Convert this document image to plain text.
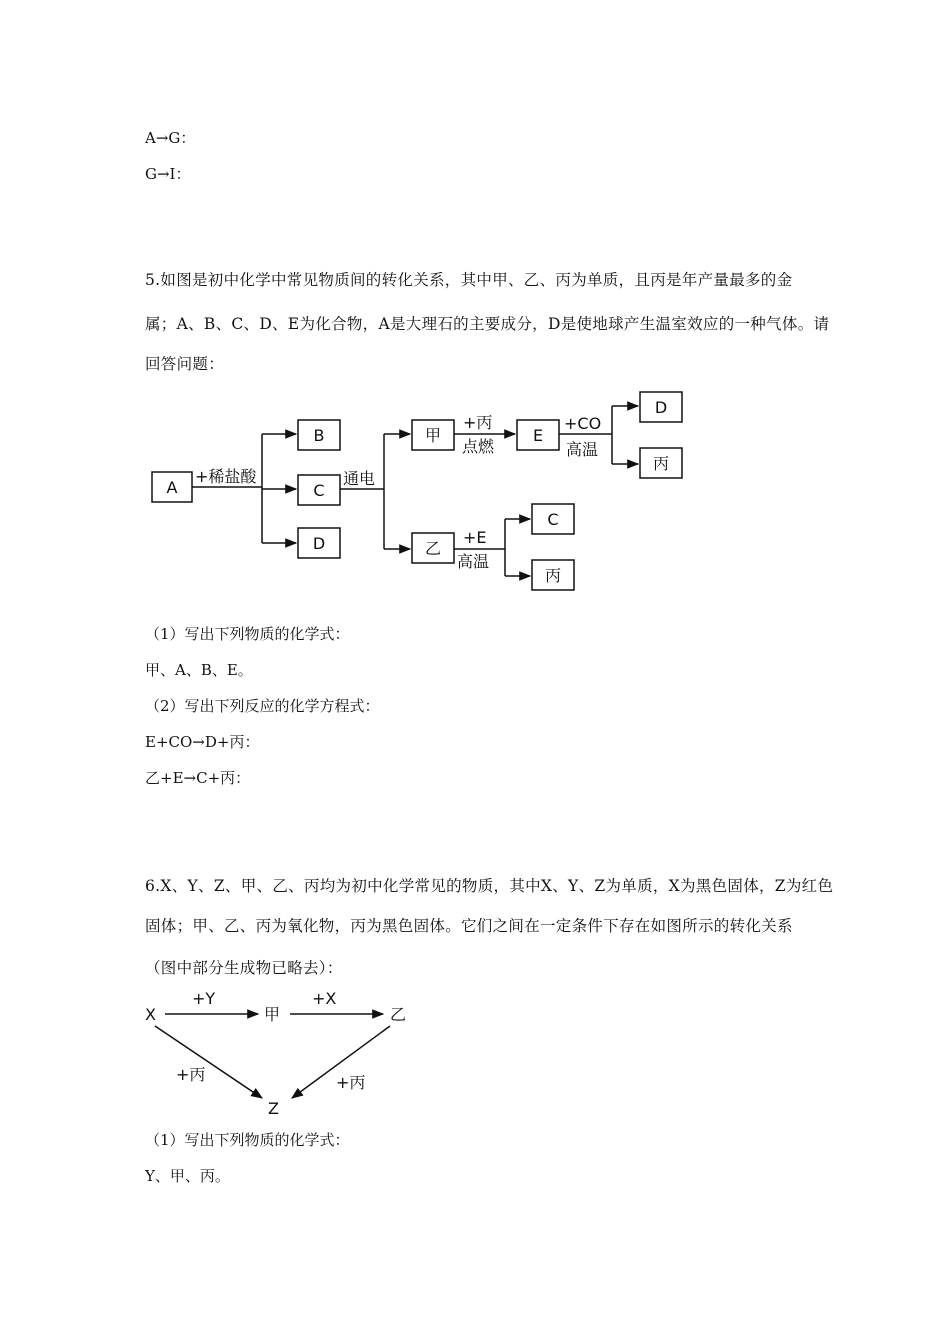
A→G：
G→I：
5.如图是初中化学中常见物质间的转化关系，其中甲、乙、丙为单质，且丙是年产量最多的金
属；A、B、C、D、E为化合物，A是大理石的主要成分，D是使地球产生温室效应的一种气体。请
回答问题：
A
+稀盐酸
B
C
D
通电
甲
+丙
点燃
E
+CO
高温
D
丙
乙
+E
高温
C
丙
（1）写出下列物质的化学式：
甲、A、B、E。
（2）写出下列反应的化学方程式：
E+CO→D+丙：
乙+E→C+丙：
6.X、Y、Z、甲、乙、丙均为初中化学常见的物质，其中X、Y、Z为单质，X为黑色固体，Z为红色
固体；甲、乙、丙为氧化物，丙为黑色固体。它们之间在一定条件下存在如图所示的转化关系
（图中部分生成物已略去）：
X	甲	乙
Z
+Y	+X
+丙	+丙
（1）写出下列物质的化学式：
Y、甲、丙。
